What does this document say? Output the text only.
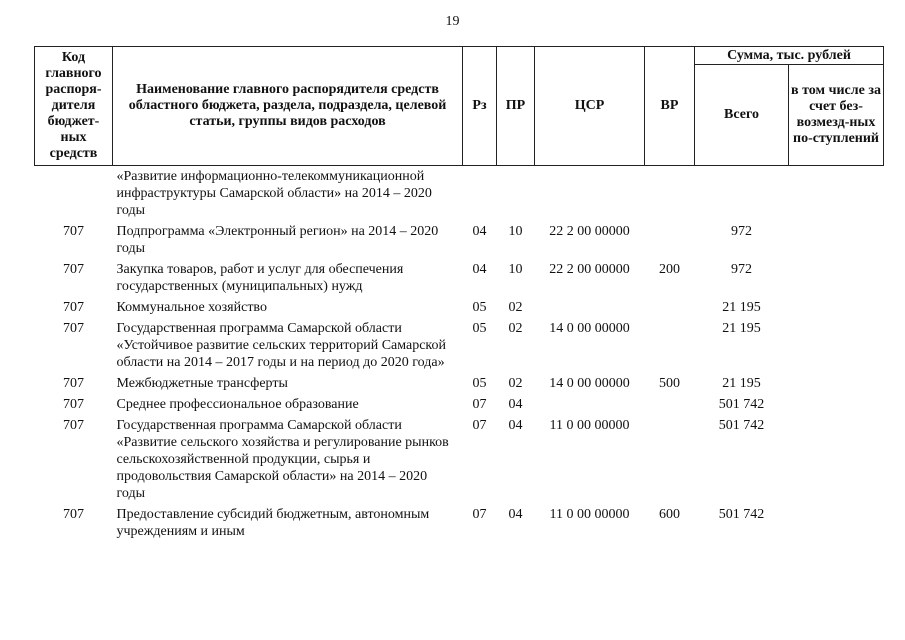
19
Код главного распоря-дителя бюджет-ных средств	Наименование главного распорядителя средств областного бюджета, раздела, подраздела, целевой статьи, группы видов расходов	Рз	ПР	ЦСР	ВР	Сумма, тыс. рублей	
						Всего	в том числе за счет без-возмезд-ных по-ступлений
	«Развитие информационно-телекоммуникационной инфраструктуры Самарской области» на 2014 – 2020 годы						
707	Подпрограмма «Электронный регион» на 2014 – 2020 годы	04	10	22 2 00 00000		972	
707	Закупка товаров, работ и услуг для обеспечения государственных (муниципальных) нужд	04	10	22 2 00 00000	200	972	
707	Коммунальное хозяйство	05	02			21 195	
707	Государственная программа Самарской области «Устойчивое развитие сельских территорий Самарской области на 2014 – 2017 годы и на период до 2020 года»	05	02	14 0 00 00000		21 195	
707	Межбюджетные трансферты	05	02	14 0 00 00000	500	21 195	
707	Среднее профессиональное образование	07	04			501 742	
707	Государственная программа Самарской области «Развитие сельского хозяйства и регулирование рынков сельскохозяйственной продукции, сырья и продовольствия Самарской области» на 2014 – 2020 годы	07	04	11 0 00 00000		501 742	
707	Предоставление субсидий бюджетным, автономным учреждениям и иным	07	04	11 0 00 00000	600	501 742	
